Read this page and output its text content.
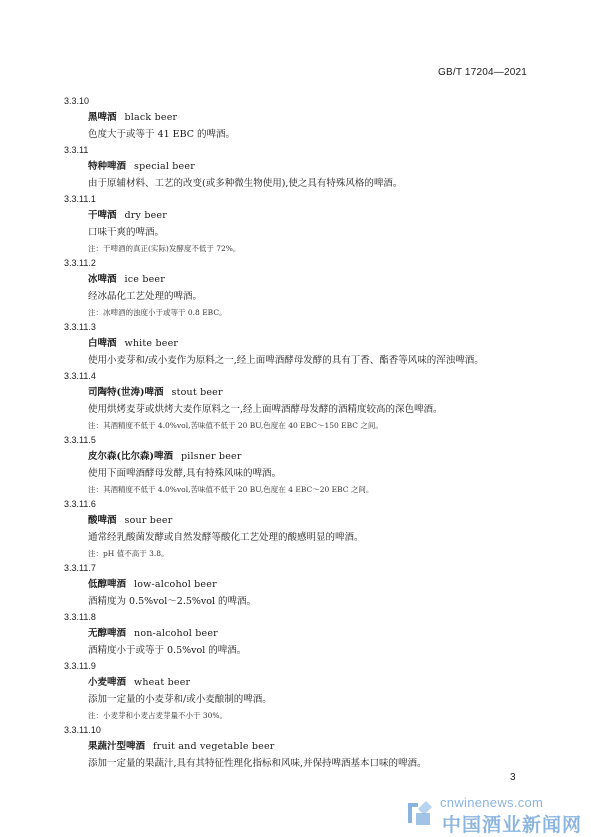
GB/T 17204—2021
3.3.10
黑啤酒 black beer
色度大于或等于 41 EBC 的啤酒。
3.3.11
特种啤酒 special beer
由于原辅材料、工艺的改变(或多种微生物使用),使之具有特殊风格的啤酒。
3.3.11.1
干啤酒 dry beer
口味干爽的啤酒。
注：干啤酒的真正(实际)发酵度不低于 72%。
3.3.11.2
冰啤酒 ice beer
经冰晶化工艺处理的啤酒。
注：冰啤酒的浊度小于或等于 0.8 EBC。
3.3.11.3
白啤酒 white beer
使用小麦芽和/或小麦作为原料之一,经上面啤酒酵母发酵的具有丁香、酯香等风味的浑浊啤酒。
3.3.11.4
司陶特(世涛)啤酒 stout beer
使用烘烤麦芽或烘烤大麦作原料之一,经上面啤酒酵母发酵的酒精度较高的深色啤酒。
注：其酒精度不低于 4.0%vol,苦味值不低于 20 BU,色度在 40 EBC～150 EBC 之间。
3.3.11.5
皮尔森(比尔森)啤酒 pilsner beer
使用下面啤酒酵母发酵,具有特殊风味的啤酒。
注：其酒精度不低于 4.0%vol,苦味值不低于 20 BU,色度在 4 EBC～20 EBC 之间。
3.3.11.6
酸啤酒 sour beer
通常经乳酸菌发酵或自然发酵等酸化工艺处理的酸感明显的啤酒。
注：pH 值不高于 3.8。
3.3.11.7
低醇啤酒 low-alcohol beer
酒精度为 0.5%vol～2.5%vol 的啤酒。
3.3.11.8
无醇啤酒 non-alcohol beer
酒精度小于或等于 0.5%vol 的啤酒。
3.3.11.9
小麦啤酒 wheat beer
添加一定量的小麦芽和/或小麦酿制的啤酒。
注：小麦芽和小麦占麦芽量不小于 30%。
3.3.11.10
果蔬汁型啤酒 fruit and vegetable beer
添加一定量的果蔬汁,具有其特征性理化指标和风味,并保持啤酒基本口味的啤酒。
3
cnwinenews.com
中国酒业新闻网
